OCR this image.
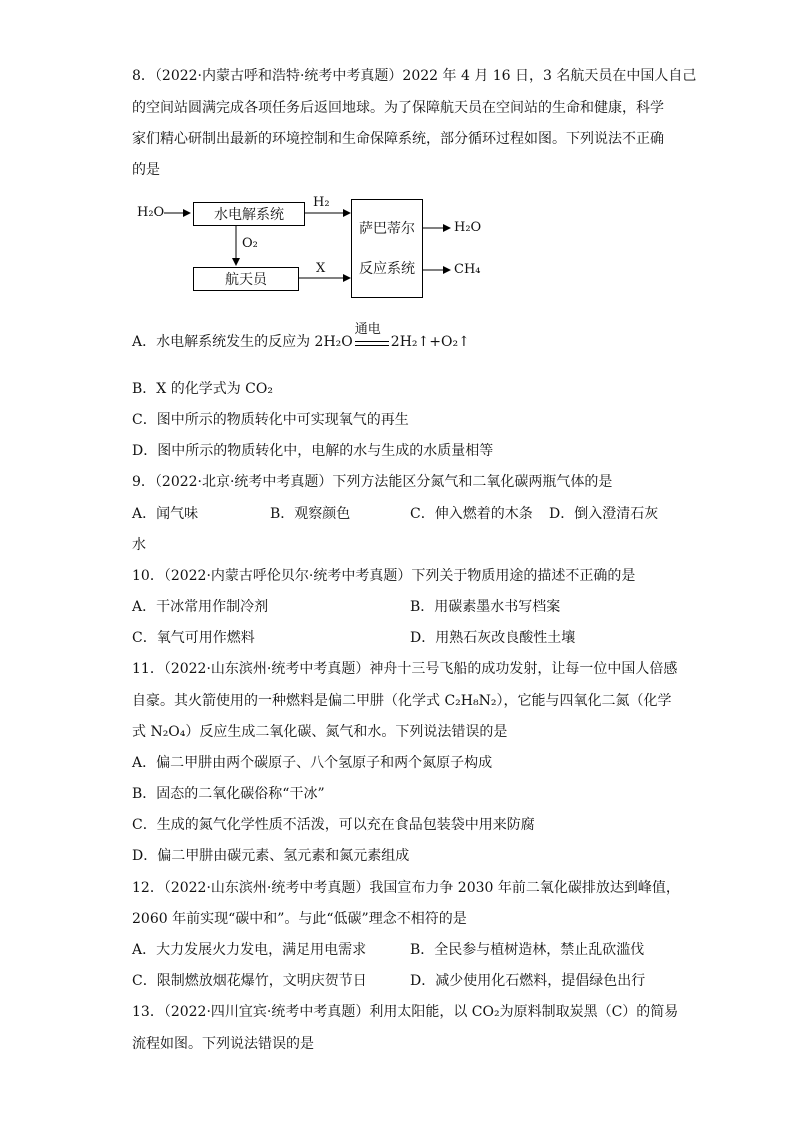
8．（2022·内蒙古呼和浩特·统考中考真题）2022 年 4 月 16 日，3 名航天员在中国人自己
的空间站圆满完成各项任务后返回地球。为了保障航天员在空间站的生命和健康，科学
家们精心研制出最新的环境控制和生命保障系统，部分循环过程如图。下列说法不正确
的是
H₂O	水电解系统
H₂
O₂
航天员
X
萨巴蒂尔
反应系统
H₂O
CH₄
A．水电解系统发生的反应为 2H₂O
通电
2H₂↑+O₂↑
B．X 的化学式为 CO₂
C．图中所示的物质转化中可实现氧气的再生
D．图中所示的物质转化中，电解的水与生成的水质量相等
9．（2022·北京·统考中考真题）下列方法能区分氮气和二氧化碳两瓶气体的是
A．闻气味	B．观察颜色	C．伸入燃着的木条 D．倒入澄清石灰
水
10．（2022·内蒙古呼伦贝尔·统考中考真题）下列关于物质用途的描述不正确的是
A．干冰常用作制冷剂	B．用碳素墨水书写档案
C．氧气可用作燃料	D．用熟石灰改良酸性土壤
11．（2022·山东滨州·统考中考真题）神舟十三号飞船的成功发射，让每一位中国人倍感
自豪。其火箭使用的一种燃料是偏二甲肼（化学式 C₂H₈N₂），它能与四氧化二氮（化学
式 N₂O₄）反应生成二氧化碳、氮气和水。下列说法错误的是
A．偏二甲肼由两个碳原子、八个氢原子和两个氮原子构成
B．固态的二氧化碳俗称“干冰”
C．生成的氮气化学性质不活泼，可以充在食品包装袋中用来防腐
D．偏二甲肼由碳元素、氢元素和氮元素组成
12．（2022·山东滨州·统考中考真题）我国宣布力争 2030 年前二氧化碳排放达到峰值，
2060 年前实现“碳中和”。与此“低碳”理念不相符的是
A．大力发展火力发电，满足用电需求	B．全民参与植树造林，禁止乱砍滥伐
C．限制燃放烟花爆竹，文明庆贺节日	D．减少使用化石燃料，提倡绿色出行
13．（2022·四川宜宾·统考中考真题）利用太阳能，以 CO₂为原料制取炭黑（C）的简易
流程如图。下列说法错误的是
